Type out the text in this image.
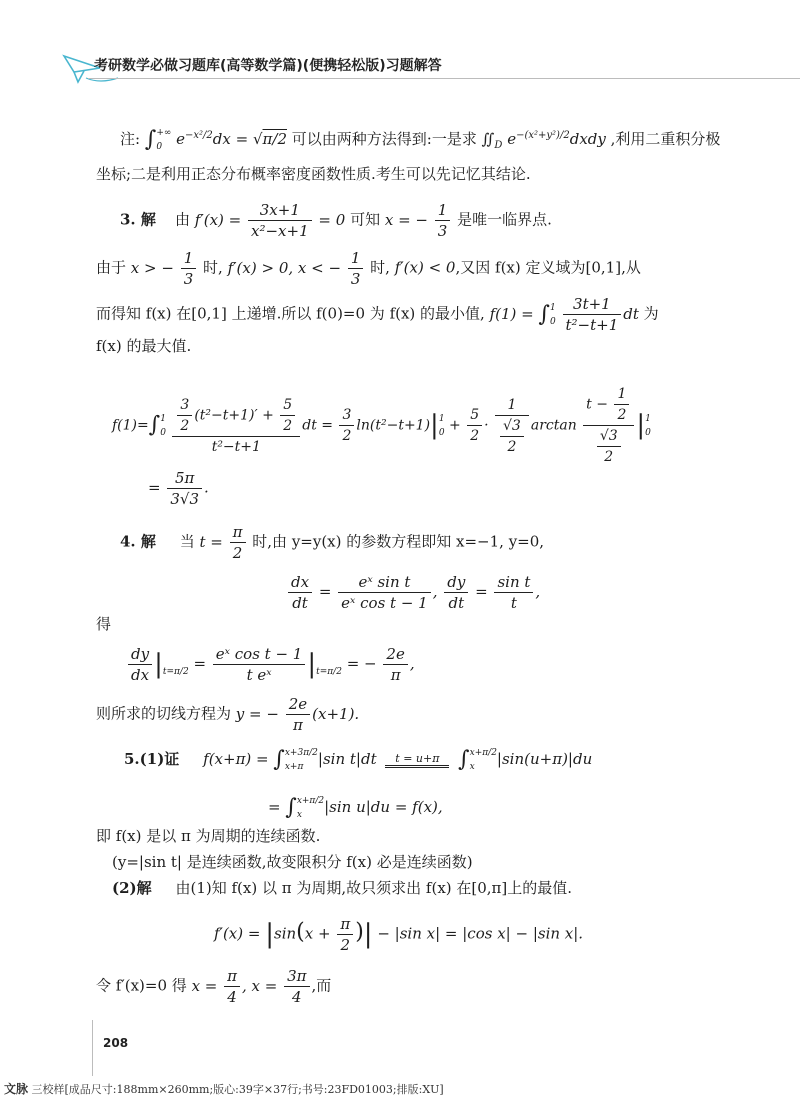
考研数学必做习题库(高等数学篇)(便携轻松版)习题解答
注: ∫ +∞
0 $e^{-x^2/2}dx = √\pi/2$ 可以由两种方法得到:一是求 $∬_D$ $e^{-(x^2+y^2)/2}dxdy$ ,利用二重积分极
坐标;二是利用正态分布概率密度函数性质.考生可以先记忆其结论.
3. 解 由 $f'(x) = \frac{3x+1}{\text{x²−x+1}} = 0$ 可知 x = − $\frac{1}{3}$ 是唯一临界点.
由于 x > − $\frac{1}{3}$ 时, f′(x) > 0, x < − $\frac{1}{3}$ 时, f′(x) < 0,又因 f(x) 定义域为[0,1],从
而得知 f(x) 在[0,1] 上递增.所以 f(0)=0 为 f(x) 的最小值, f(1) = ∫ 1
0
$\frac{3t+1}{\text{t²−t+1}}$ dt 为
f(x) 的最大值.
f(1)=∫ 1
0
$\frac{\frac{3}{2} (t^2-t+1)' + \frac{5}{2}}{\text{t²−t+1}}$ dt = $\frac{3}{2} \ln(t^2-t+1)|$ 1
$0 + \frac{5}{2} \cdot \frac{1}{\frac{√3}{2}}$ $\arctan \frac{t - \frac{1}{2}}{\frac{√3}{2}}$ | 1
0
= $\frac{5\pi}{3√3}$ .
4. 解     当 $t = \frac{\pi}{2}$ 时,由 y=y(x) 的参数方程即知 x=−1, y=0,
$\frac{dx}{dt} = \frac{\text{eˣ sin t}}{\text{eˣ cos t − 1}}$ , $\frac{dy}{dt} = \frac{\text{sin t}}{t}$ ,
得
$\frac{dy}{dx}$ |
$t=\pi/2 = \frac{\text{eˣ cos t − 1}}{\text{t eˣ}}$ |
t=π/2 = − $\frac{2e}{\pi}$ ,
则所求的切线方程为 y = − $\frac{2e}{\pi} (x+1)$.
5.(1)证 f(x+π) = ∫ x+3π/2
x+π |sin t|dt	t = u+π ∫ x+π/2
x	|sin(u+π)|du
= ∫ x+π/2
x	|sin u|du = f(x),
即 f(x) 是以 π 为周期的连续函数.
(y=|sin t| 是连续函数,故变限积分 f(x) 必是连续函数)
(2)解 由(1)知 f(x) 以 π 为周期,故只须求出 f(x) 在[0,π]上的最值.
$f'(x) = |\sin(x + \frac{\pi}{2}$ )| − |sin x| = |cos x| − |sin x|.
令 f′(x)=0 得 $x = \frac{\pi}{4}$ , $x = \frac{3\pi}{4}$ ,而
208
文脉 三校样[成品尺寸:188mm×260mm;版心:39字×37行;书号:23FD01003;排版:XU]
